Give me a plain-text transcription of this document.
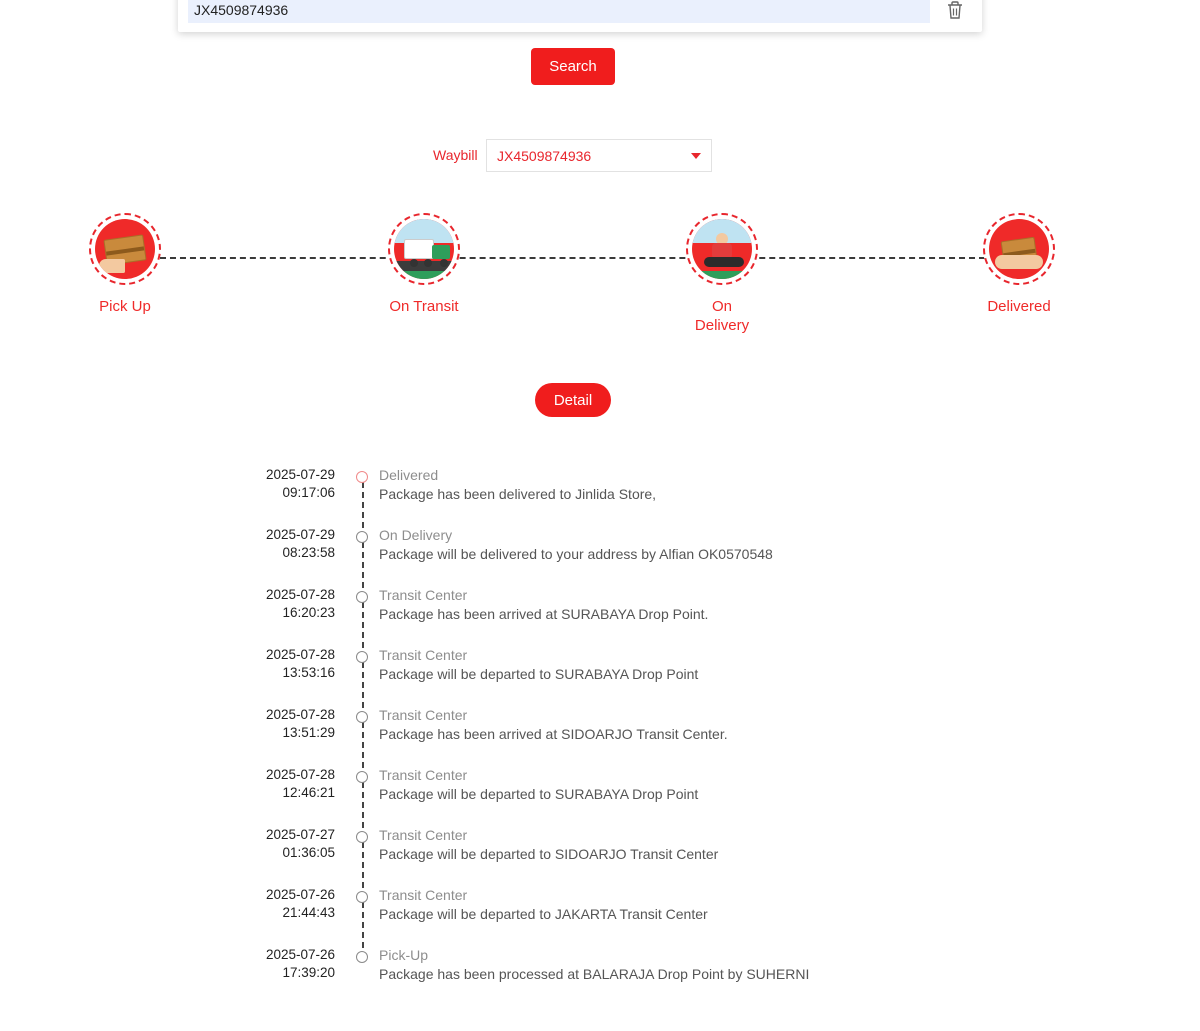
JX4509874936
Search
Waybill JX4509874936
Pick Up	On Transit	On
Delivery
Delivered
Detail
2025-07-29
09:17:06
Delivered
Package has been delivered to Jinlida Store,
2025-07-29
08:23:58
On Delivery
Package will be delivered to your address by Alfian OK0570548
2025-07-28
16:20:23
Transit Center
Package has been arrived at SURABAYA Drop Point.
2025-07-28
13:53:16
Transit Center
Package will be departed to SURABAYA Drop Point
2025-07-28
13:51:29
Transit Center
Package has been arrived at SIDOARJO Transit Center.
2025-07-28
12:46:21
Transit Center
Package will be departed to SURABAYA Drop Point
2025-07-27
01:36:05
Transit Center
Package will be departed to SIDOARJO Transit Center
2025-07-26
21:44:43
Transit Center
Package will be departed to JAKARTA Transit Center
2025-07-26
17:39:20
Pick-Up
Package has been processed at BALARAJA Drop Point by SUHERNI
